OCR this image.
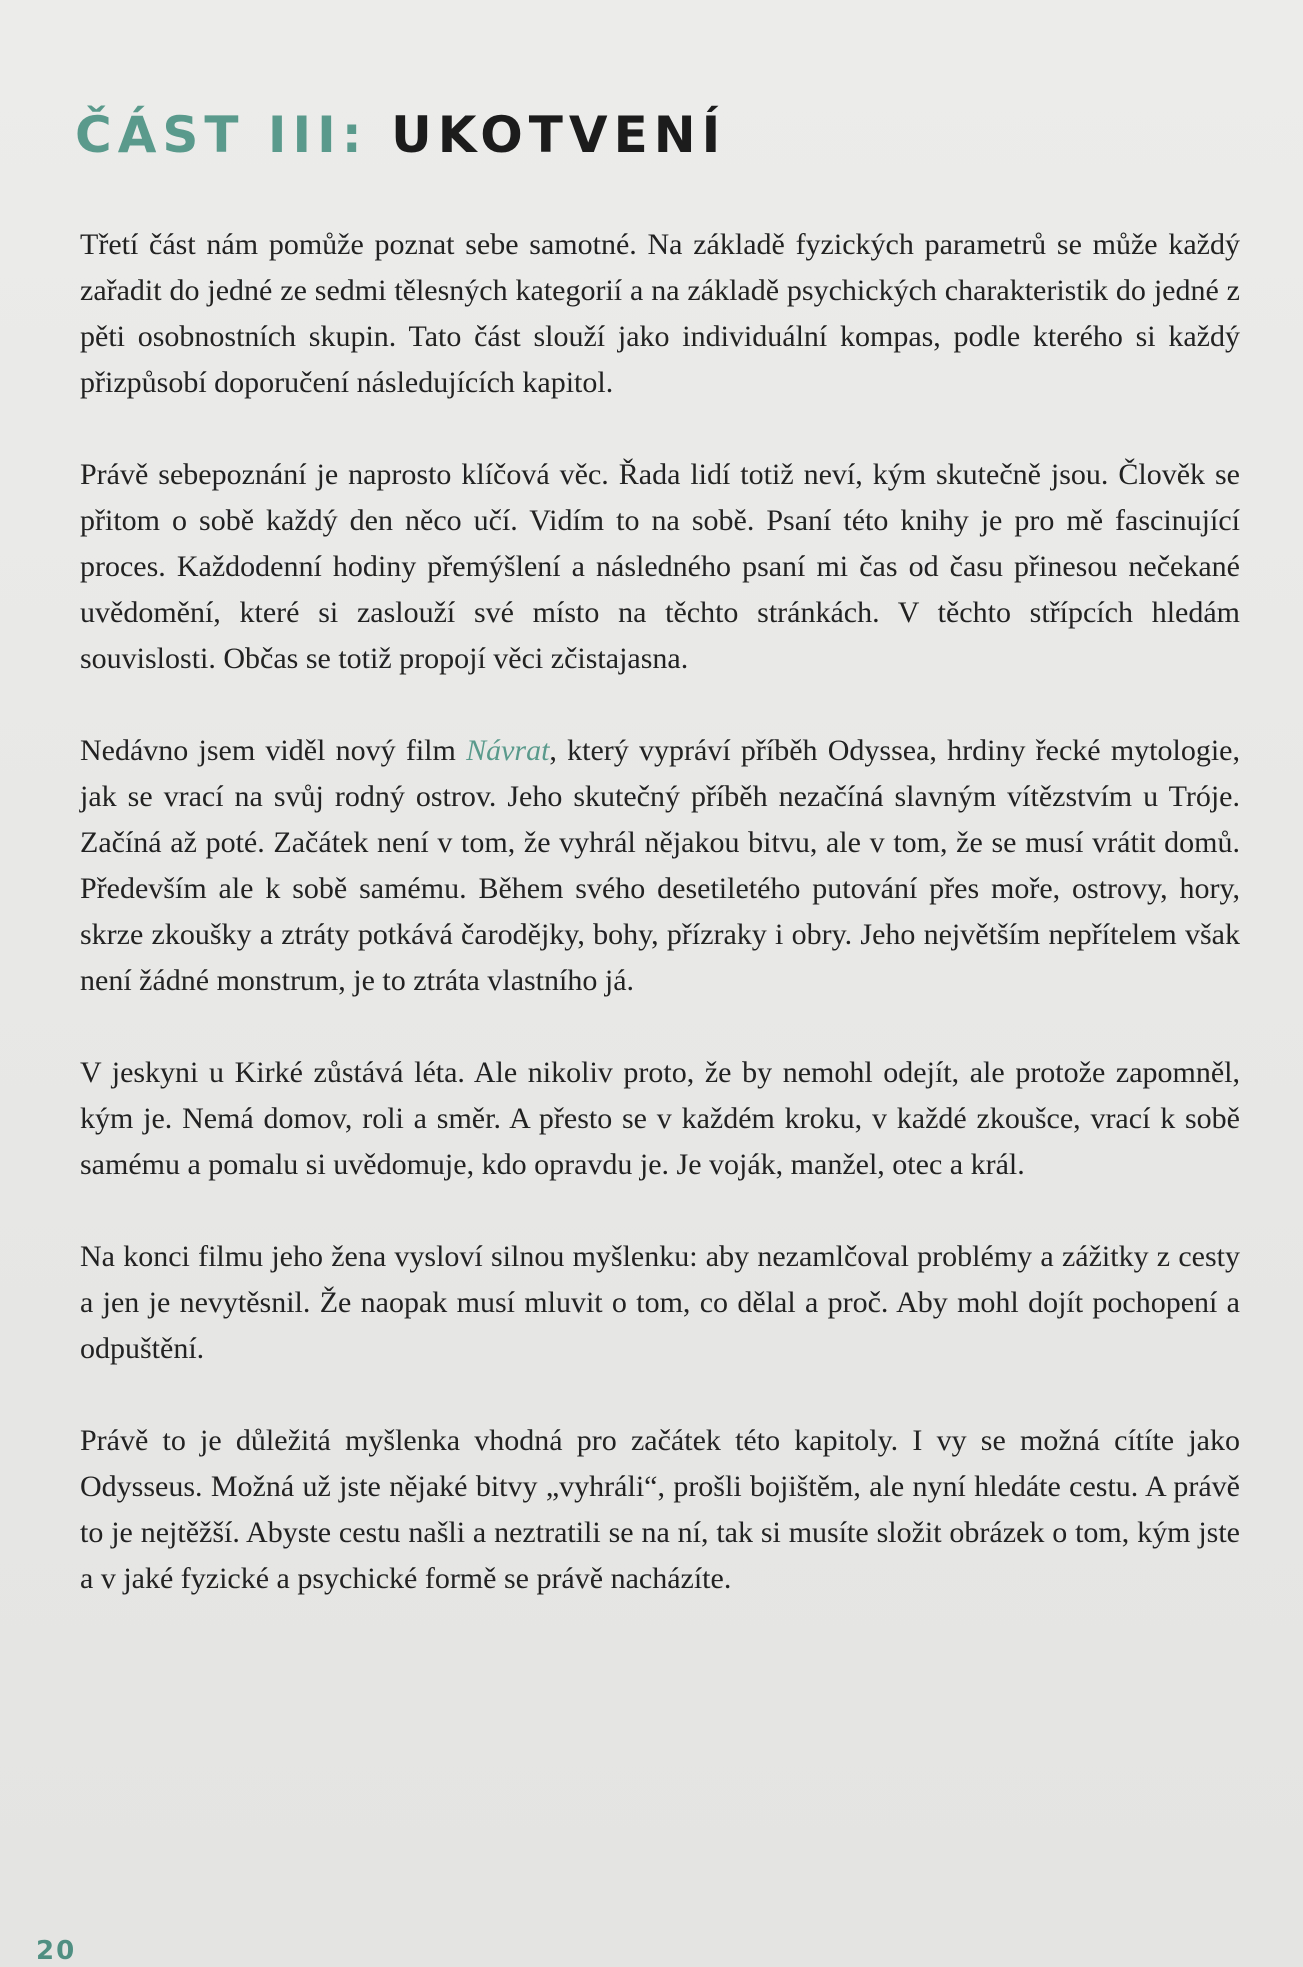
ČÁST III: UKOTVENÍ

Třetí část nám pomůže poznat sebe samotné. Na základě fyzických parametrů se může každý zařadit do jedné ze sedmi tělesných kategorií a na základě psychických charakteristik do jedné z pěti osobnostních skupin. Tato část slouží jako individuální kompas, podle kterého si každý přizpůsobí doporučení následujících kapitol.

Právě sebepoznání je naprosto klíčová věc. Řada lidí totiž neví, kým skutečně jsou. Člověk se přitom o sobě každý den něco učí. Vidím to na sobě. Psaní této knihy je pro mě fascinující proces. Každodenní hodiny přemýšlení a následného psaní mi čas od času přinesou nečekané uvědomění, které si zaslouží své místo na těchto stránkách. V těchto střípcích hledám souvislosti. Občas se totiž propojí věci zčistajasna.

Nedávno jsem viděl nový film Návrat, který vypráví příběh Odyssea, hrdiny řecké mytologie, jak se vrací na svůj rodný ostrov. Jeho skutečný příběh nezačíná slavným vítězstvím u Tróje. Začíná až poté. Začátek není v tom, že vyhrál nějakou bitvu, ale v tom, že se musí vrátit domů. Především ale k sobě samému. Během svého desetiletého putování přes moře, ostrovy, hory, skrze zkoušky a ztráty potkává čarodějky, bohy, přízraky i obry. Jeho největším nepřítelem však není žádné monstrum, je to ztráta vlastního já.

V jeskyni u Kirké zůstává léta. Ale nikoliv proto, že by nemohl odejít, ale protože zapomněl, kým je. Nemá domov, roli a směr. A přesto se v každém kroku, v každé zkoušce, vrací k sobě samému a pomalu si uvědomuje, kdo opravdu je. Je voják, manžel, otec a král.

Na konci filmu jeho žena vysloví silnou myšlenku: aby nezamlčoval problémy a zážitky z cesty a jen je nevytěsnil. Že naopak musí mluvit o tom, co dělal a proč. Aby mohl dojít pochopení a odpuštění.

Právě to je důležitá myšlenka vhodná pro začátek této kapitoly. I vy se možná cítíte jako Odysseus. Možná už jste nějaké bitvy „vyhráli“, prošli bojištěm, ale nyní hledáte cestu. A právě to je nejtěžší. Abyste cestu našli a neztratili se na ní, tak si musíte složit obrázek o tom, kým jste a v jaké fyzické a psychické formě se právě nacházíte.

20
